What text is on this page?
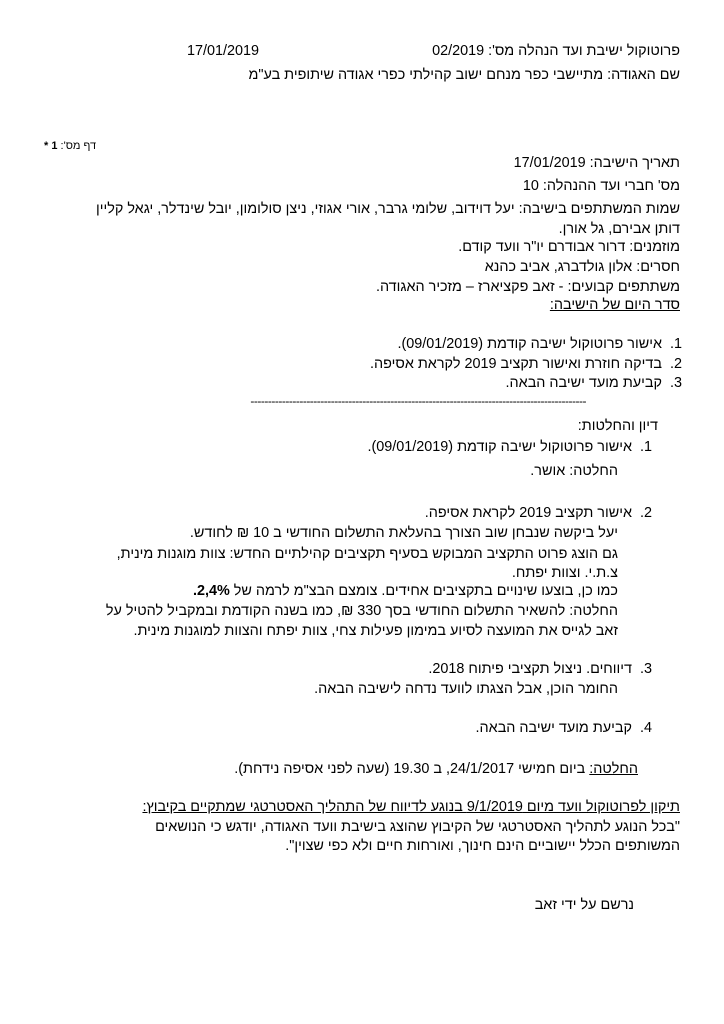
פרוטוקול ישיבת ועד הנהלה מס': 02/2019
17/01/2019
שם האגודה: מתיישבי כפר מנחם ישוב קהילתי כפרי אגודה שיתופית בע"מ
דף מס': 1 *
תאריך הישיבה: 17/01/2019
מס' חברי ועד ההנהלה: 10
שמות המשתתפים בישיבה: יעל דוידוב, שלומי גרבר, אורי אגוזי, ניצן סולומון, יובל שינדלר, יגאל קליין
דותן אבירם, גל אורן.
מוזמנים: דרור אבודרם יו"ר וועד קודם.
חסרים: אלון גולדברג, אביב כהנא
משתתפים קבועים: - זאב פקציארז – מזכיר האגודה.
סדר היום של הישיבה:
1.אישור פרוטוקול ישיבה קודמת (09/01/2019).
2.בדיקה חוזרת ואישור תקציב 2019 לקראת אסיפה.
3.קביעת מועד ישיבה הבאה.
------------------------------------------------------------------------------------------------
דיון והחלטות:
1.אישור פרוטוקול ישיבה קודמת (09/01/2019).
החלטה: אושר.
2.אישור תקציב 2019 לקראת אסיפה.
יעל ביקשה שנבחן שוב הצורך בהעלאת התשלום החודשי ב 10 ₪ לחודש.
גם הוצג פרוט התקציב המבוקש בסעיף תקציבים קהילתיים החדש: צוות מוגנות מינית,
צ.ת.י. וצוות יפתח.
כמו כן, בוצעו שינויים בתקציבים אחידים. צומצם הבצ"מ לרמה של 2,4%.
החלטה: להשאיר התשלום החודשי בסך 330 ₪, כמו בשנה הקודמת ובמקביל להטיל על
זאב לגייס את המועצה לסיוע במימון פעילות צחי, צוות יפתח והצוות למוגנות מינית.
3.דיווחים. ניצול תקציבי פיתוח 2018.
החומר הוכן, אבל הצגתו לוועד נדחה לישיבה הבאה.
4.קביעת מועד ישיבה הבאה.
החלטה: ביום חמישי 24/1/2017, ב 19.30 (שעה לפני אסיפה נידחת).
תיקון לפרוטוקול וועד מיום 9/1/2019 בנוגע לדיווח של התהליך האסטרטגי שמתקיים בקיבוץ:
"בכל הנוגע לתהליך האסטרטגי של הקיבוץ שהוצג בישיבת וועד האגודה, יודגש כי הנושאים
המשותפים הכלל יישוביים הינם חינוך, ואורחות חיים ולא כפי שצוין".
נרשם על ידי זאב
